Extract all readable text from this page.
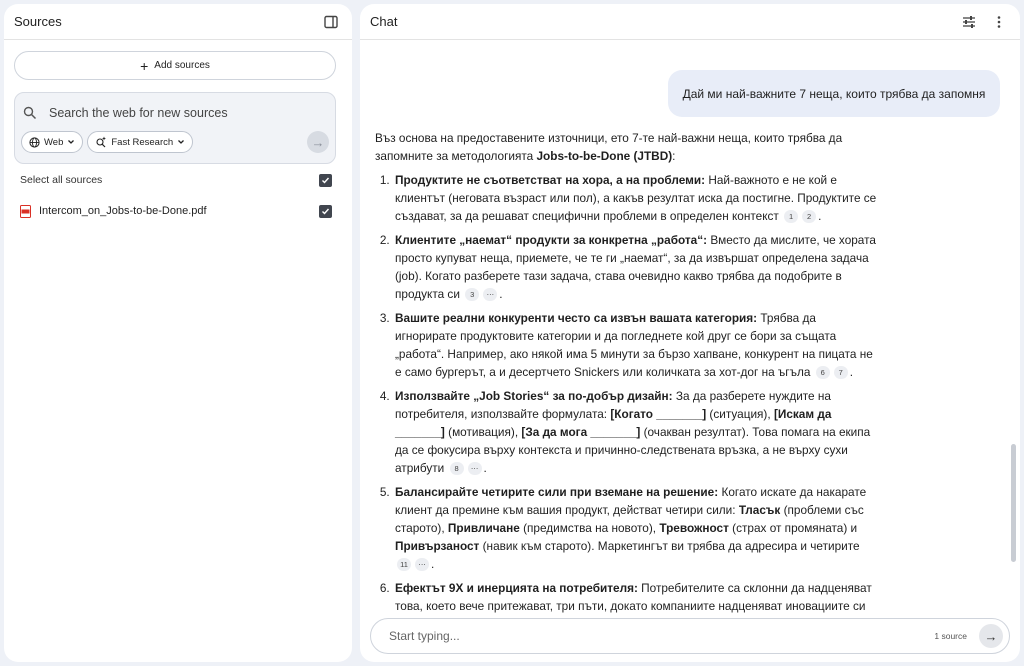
Sources
+ Add sources
Search the web for new sources
Web	Fast Research	→
Select all sources
Intercom_on_Jobs-to-be-Done.pdf
Chat
Дай ми най-важните 7 неща, които трябва да запомня

Въз основа на предоставените източници, ето 7-те най-важни неща, които трябва да запомните за методологията Jobs-to-be-Done (JTBD):

1. Продуктите не съответстват на хора, а на проблеми: Най-важното е не кой е клиентът (неговата възраст или пол), а какъв резултат иска да постигне. Продуктите се създават, за да решават специфични проблеми в определен контекст 1 2 .
2. Клиентите „наемат“ продукти за конкретна „работа“: Вместо да мислите, че хората просто купуват неща, приемете, че те ги „наемат“, за да извършат определена задача (job). Когато разберете тази задача, става очевидно какво трябва да подобрите в продукта си 3 ⋯ .
3. Вашите реални конкуренти често са извън вашата категория: Трябва да игнорирате продуктовите категории и да погледнете кой друг се бори за същата „работа“. Например, ако някой има 5 минути за бързо хапване, конкурент на пицата не е само бургерът, а и десертчето Snickers или количката за хот-дог на ъгъла 6 7 .
4. Използвайте „Job Stories“ за по-добър дизайн: За да разберете нуждите на потребителя, използвайте формулата: [Когато _______] (ситуация), [Искам да _______] (мотивация), [За да мога _______] (очакван резултат). Това помага на екипа да се фокусира върху контекста и причинно-следствената връзка, а не върху сухи атрибути 8 ⋯ .
5. Балансирайте четирите сили при вземане на решение: Когато искате да накарате клиент да премине към вашия продукт, действат четири сили: Тласък (проблеми със старото), Привличане (предимства на новото), Тревожност (страх от промяната) и Привързаност (навик към старото). Маркетингът ви трябва да адресира и четирите 11 ⋯ .
6. Ефектът 9X и инерцията на потребителя: Потребителите са склонни да надценяват това, което вече притежават, три пъти, докато компаниите надценяват иновациите си
Start typing...
1 source →
